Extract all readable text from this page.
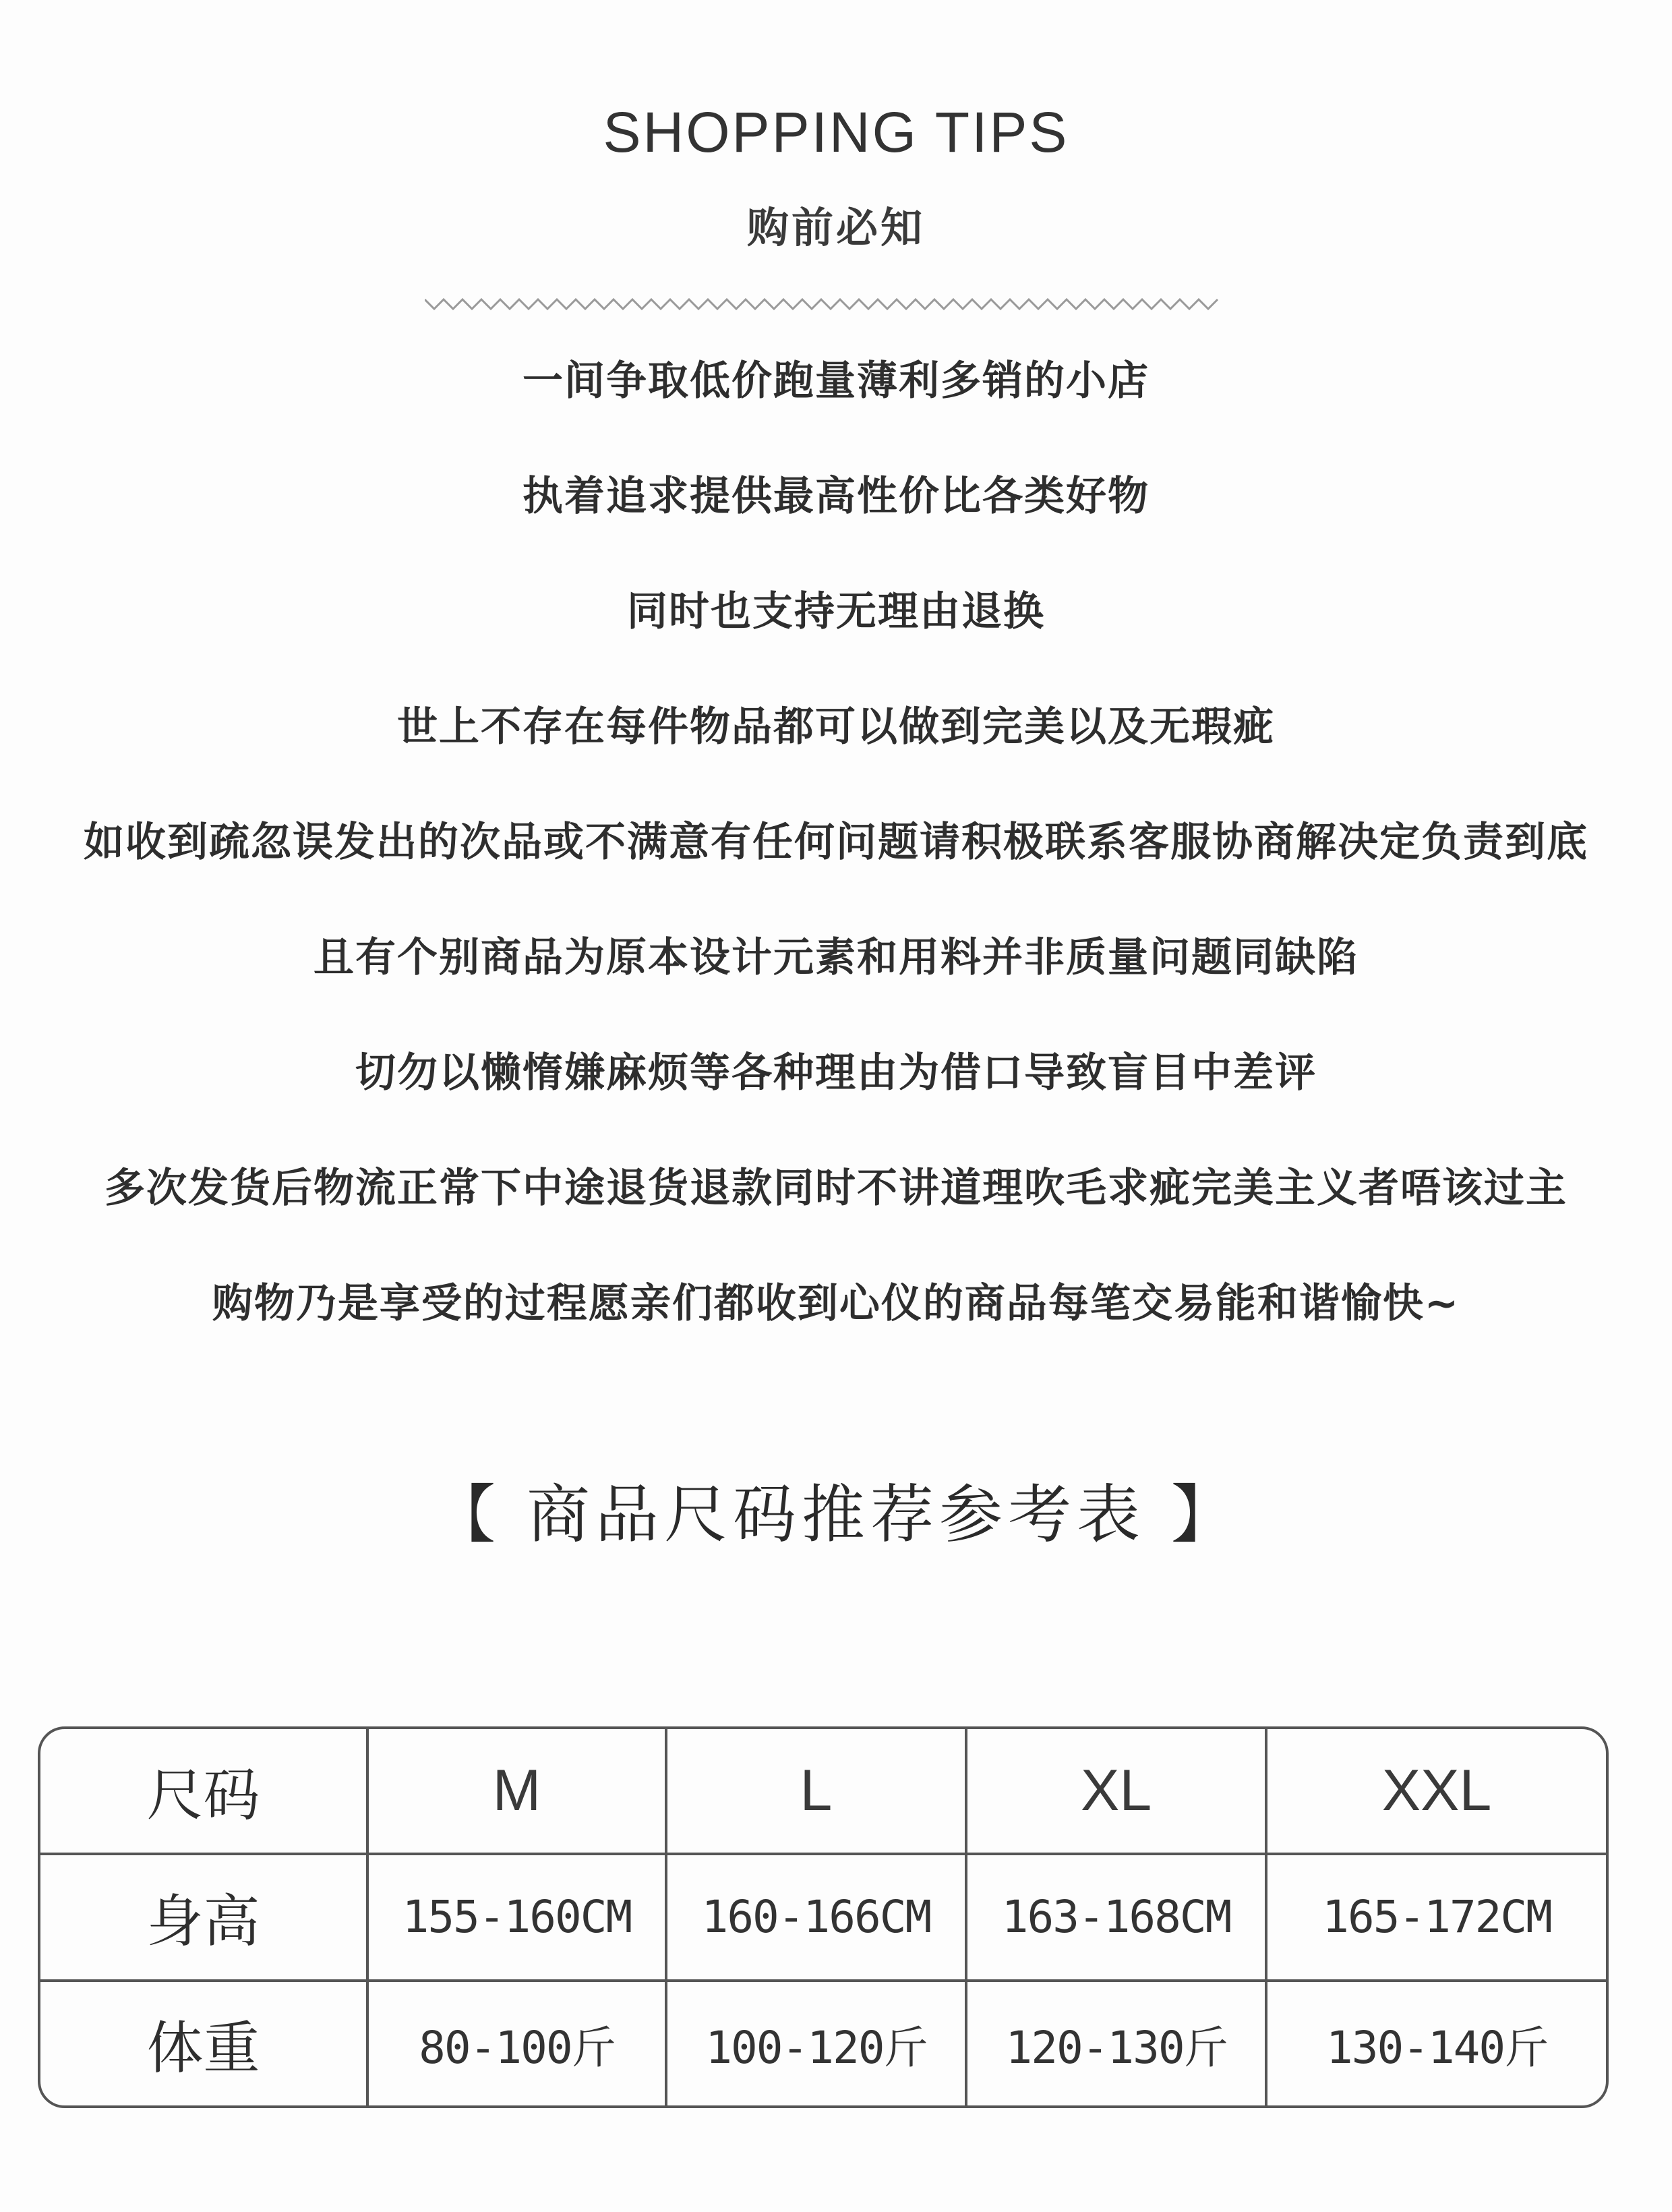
SHOPPING TIPS
购前必知
一间争取低价跑量薄利多销的小店
执着追求提供最高性价比各类好物
同时也支持无理由退换
世上不存在每件物品都可以做到完美以及无瑕疵
如收到疏忽误发出的次品或不满意有任何问题请积极联系客服协商解决定负责到底
且有个别商品为原本设计元素和用料并非质量问题同缺陷
切勿以懒惰嫌麻烦等各种理由为借口导致盲目中差评
多次发货后物流正常下中途退货退款同时不讲道理吹毛求疵完美主义者唔该过主
购物乃是享受的过程愿亲们都收到心仪的商品每笔交易能和谐愉快~
【 商品尺码推荐参考表 】
尺码	M	L	XL	XXL
身高	155-160CM	160-166CM	163-168CM	165-172CM
体重	80-100斤	100-120斤	120-130斤	130-140斤
